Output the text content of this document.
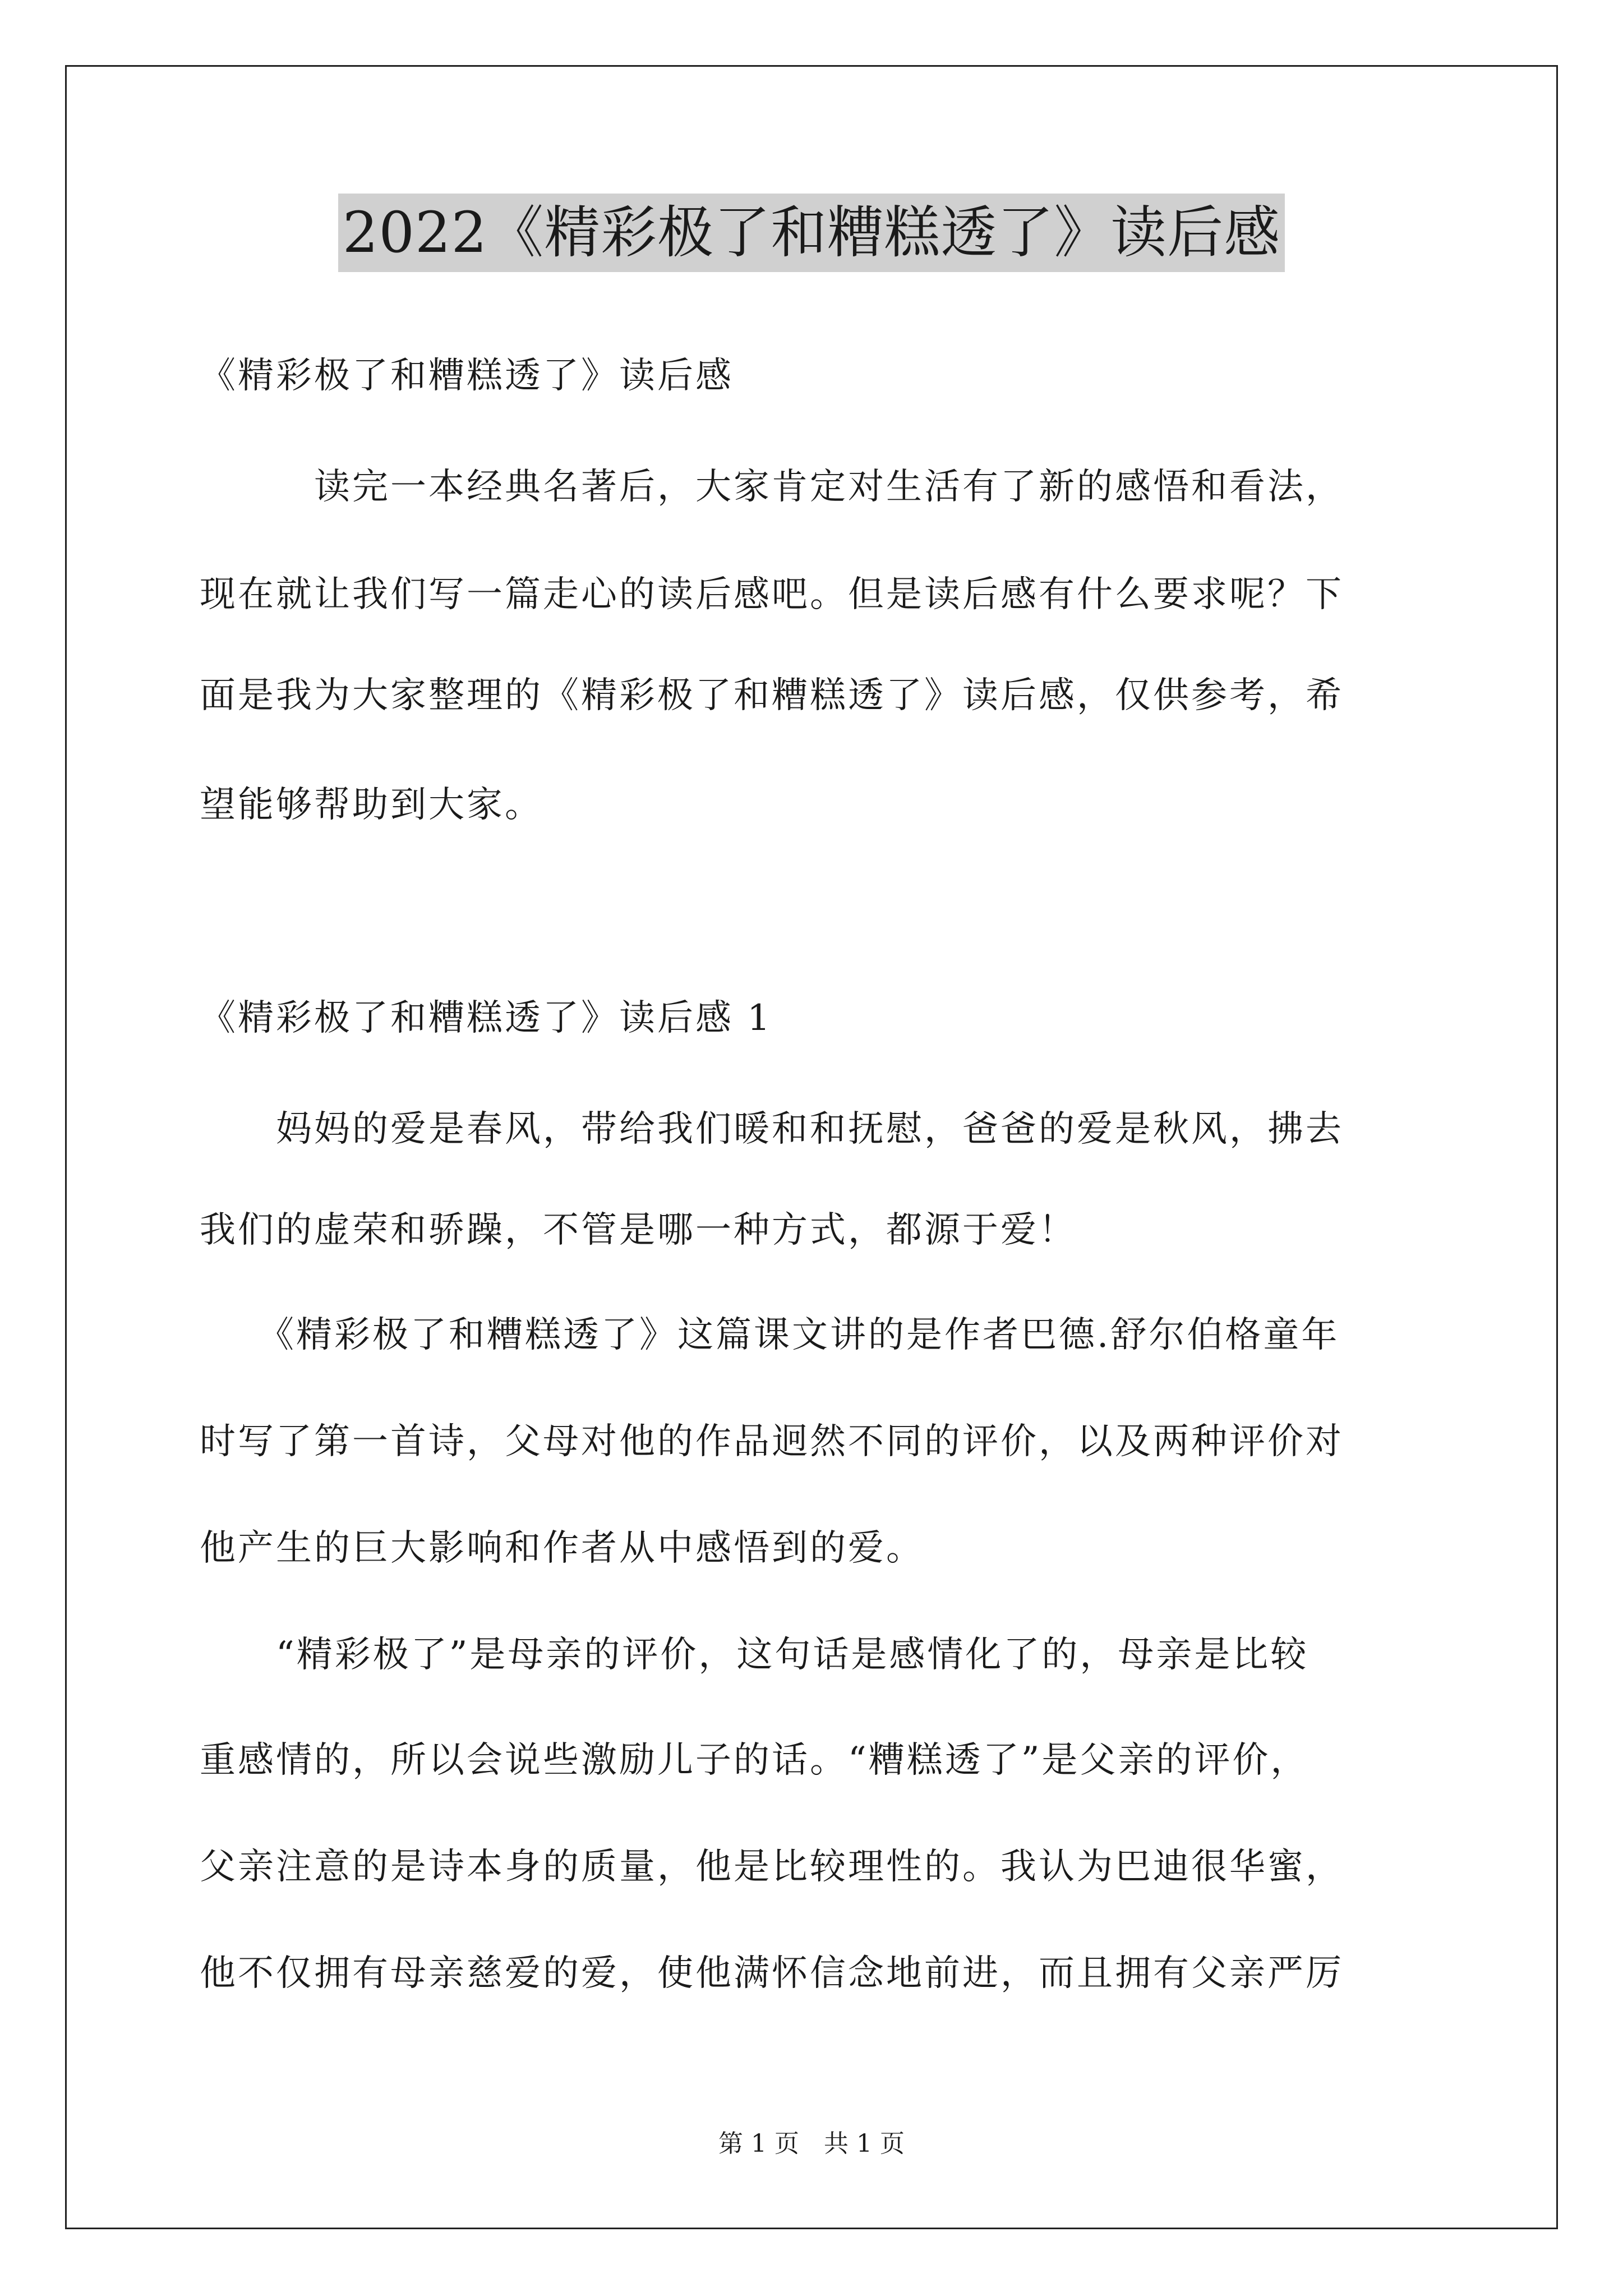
2022《精彩极了和糟糕透了》读后感
《精彩极了和糟糕透了》读后感
　　　读完一本经典名著后，大家肯定对生活有了新的感悟和看法，
现在就让我们写一篇走心的读后感吧。但是读后感有什么要求呢？下
面是我为大家整理的《精彩极了和糟糕透了》读后感，仅供参考，希
望能够帮助到大家。
《精彩极了和糟糕透了》读后感 1
　　妈妈的爱是春风，带给我们暖和和抚慰，爸爸的爱是秋风，拂去
我们的虚荣和骄躁，不管是哪一种方式，都源于爱！
　　《精彩极了和糟糕透了》这篇课文讲的是作者巴德.舒尔伯格童年
时写了第一首诗，父母对他的作品迥然不同的评价，以及两种评价对
他产生的巨大影响和作者从中感悟到的爱。
　　“精彩极了”是母亲的评价，这句话是感情化了的，母亲是比较
重感情的，所以会说些激励儿子的话。“糟糕透了”是父亲的评价，
父亲注意的是诗本身的质量，他是比较理性的。我认为巴迪很华蜜，
他不仅拥有母亲慈爱的爱，使他满怀信念地前进，而且拥有父亲严厉
第 1 页　共 1 页
